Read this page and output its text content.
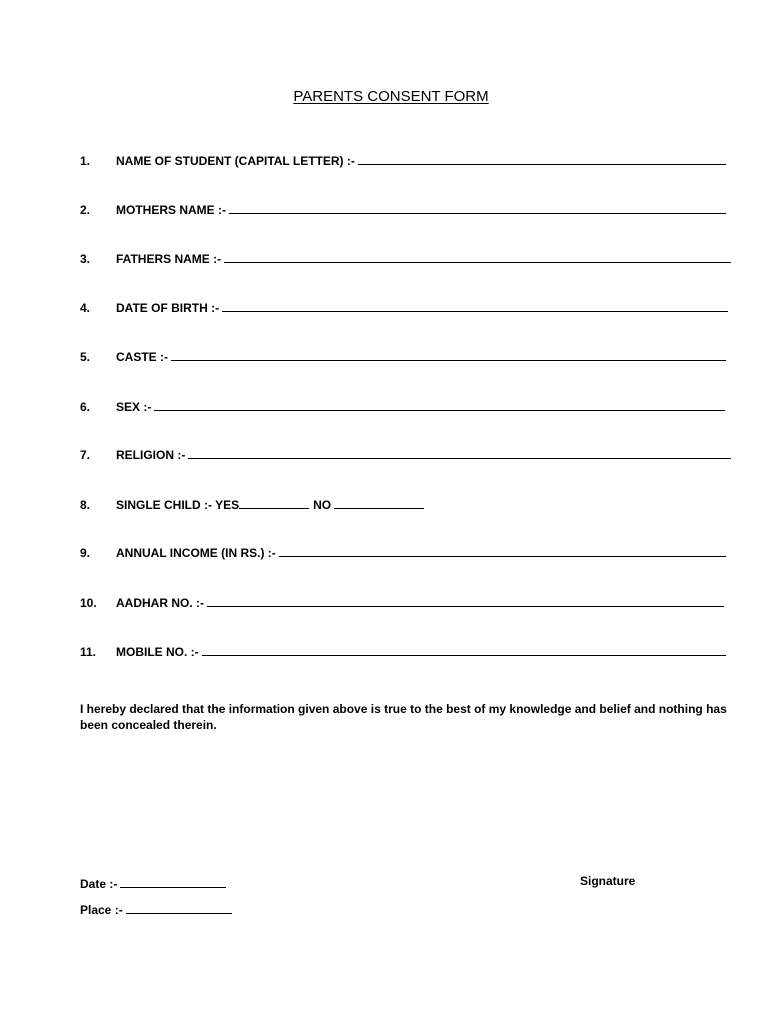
PARENTS CONSENT FORM
1.	NAME OF STUDENT (CAPITAL LETTER) :-
2.	MOTHERS NAME :-
3.	FATHERS NAME :-
4.	DATE OF BIRTH :-
5.	CASTE :-
6.	SEX :-
7.	RELIGION :-
8.	SINGLE CHILD :- YES	NO
9.	ANNUAL INCOME (IN RS.) :-
10.	AADHAR NO. :-
11.	MOBILE NO. :-
I hereby declared that the information given above is true to the best of my knowledge and belief and nothing has been concealed therein.
Date :-
Place :-
Signature
